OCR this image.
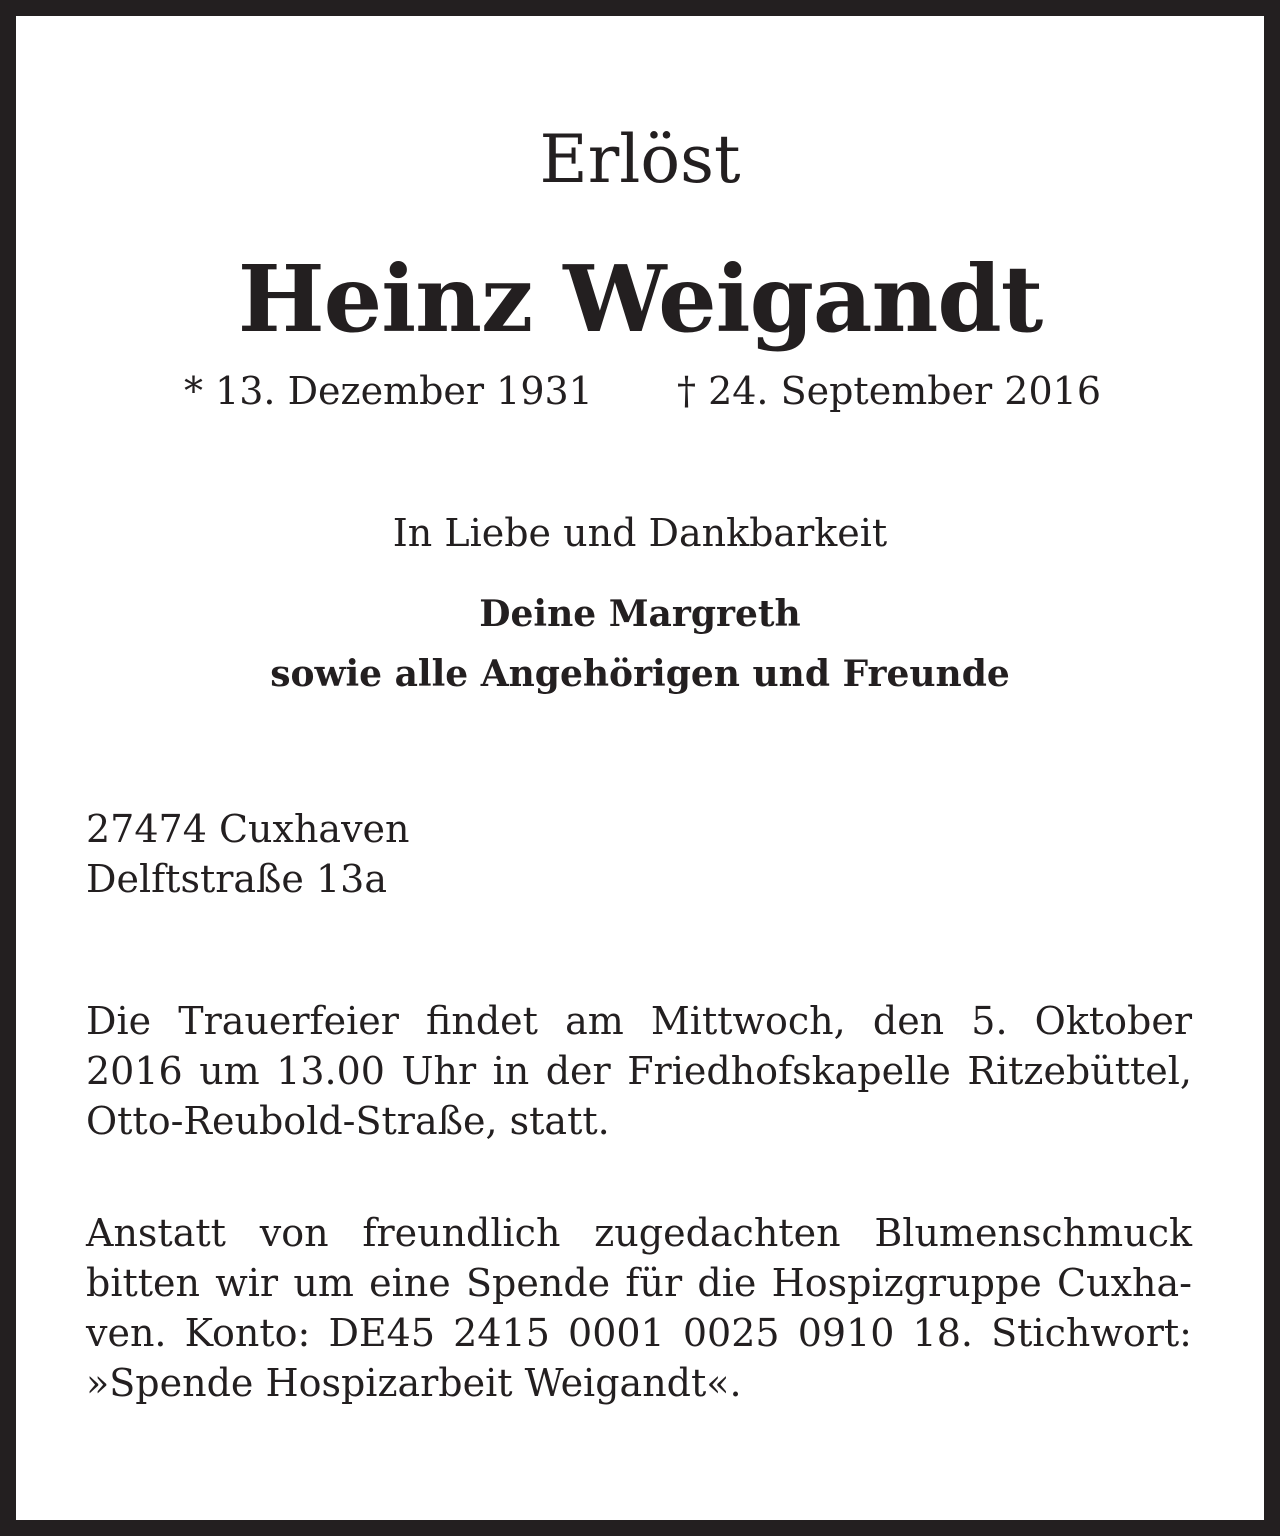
Erlöst
Heinz Weigandt
* 13. Dezember 1931 † 24. September 2016
In Liebe und Dankbarkeit
Deine Margreth
sowie alle Angehörigen und Freunde
27474 Cuxhaven
Delftstraße 13a
Die Trauerfeier findet am Mittwoch, den 5. Oktober
2016 um 13.00 Uhr in der Friedhofskapelle Ritzebüttel,
Otto-Reubold-Straße, statt.
Anstatt von freundlich zugedachten Blumenschmuck
bitten wir um eine Spende für die Hospizgruppe Cuxha-
ven. Konto: DE45 2415 0001 0025 0910 18. Stichwort:
»Spende Hospizarbeit Weigandt«.
